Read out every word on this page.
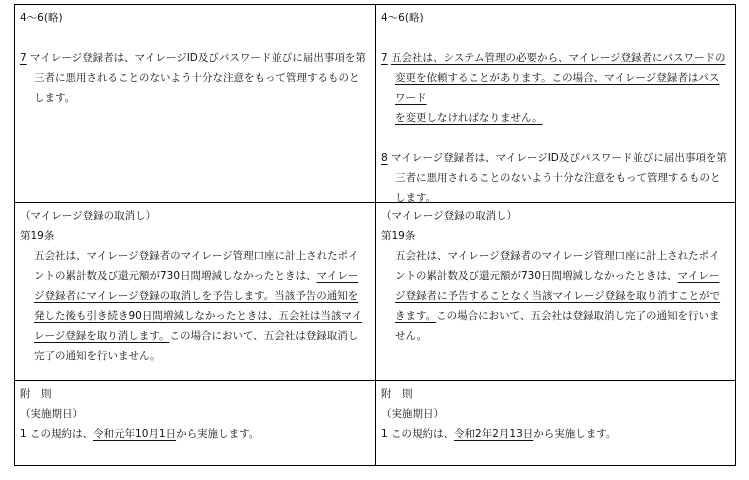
4～6(略)
7 マイレージ登録者は、マイレージID及びパスワード並びに届出事項を第三者に悪用されることのないよう十分な注意をもって管理するものとします。
4～6(略)
7 五会社は、システム管理の必要から、マイレージ登録者にパスワードの
変更を依頼することがあります。この場合、マイレージ登録者はパスワード
を変更しなければなりません。
8 マイレージ登録者は、マイレージID及びパスワード並びに届出事項を第三者に悪用されることのないよう十分な注意をもって管理するものとします。
（マイレージ登録の取消し）
第19条
五会社は、マイレージ登録者のマイレージ管理口座に計上されたポイントの累計数及び還元額が730日間増減しなかったときは、マイレージ登録者にマイレージ登録の取消しを予告します。当該予告の通知を発した後も引き続き90日間増減しなかったときは、五会社は当該マイレージ登録を取り消します。この場合において、五会社は登録取消し完了の通知を行いません。
（マイレージ登録の取消し）
第19条
五会社は、マイレージ登録者のマイレージ管理口座に計上されたポイントの累計数及び還元額が730日間増減しなかったときは、マイレージ登録者に予告することなく当該マイレージ登録を取り消すことができます。この場合において、五会社は登録取消し完了の通知を行いません。
附　則
（実施期日）
1 この規約は、令和元年10月1日から実施します。
附　則
（実施期日）
1 この規約は、令和2年2月13日から実施します。
